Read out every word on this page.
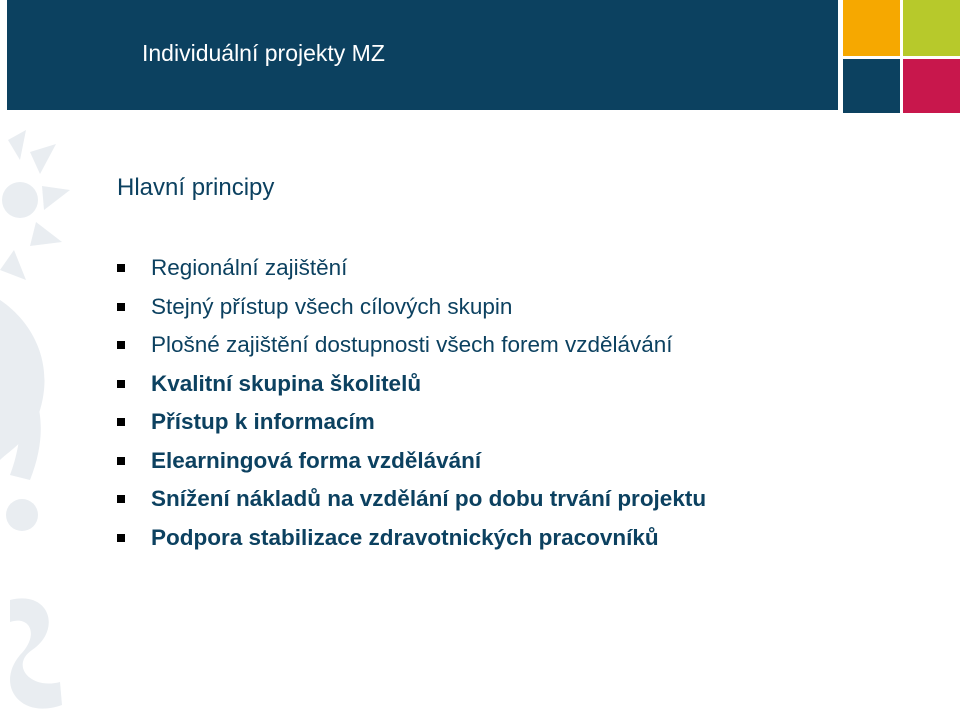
Individuální projekty MZ
Hlavní principy
Regionální zajištění
Stejný přístup všech cílových skupin
Plošné zajištění dostupnosti všech forem vzdělávání
Kvalitní skupina školitelů
Přístup k informacím
Elearningová forma vzdělávání
Snížení nákladů na vzdělání po dobu trvání projektu
Podpora stabilizace zdravotnických pracovníků
